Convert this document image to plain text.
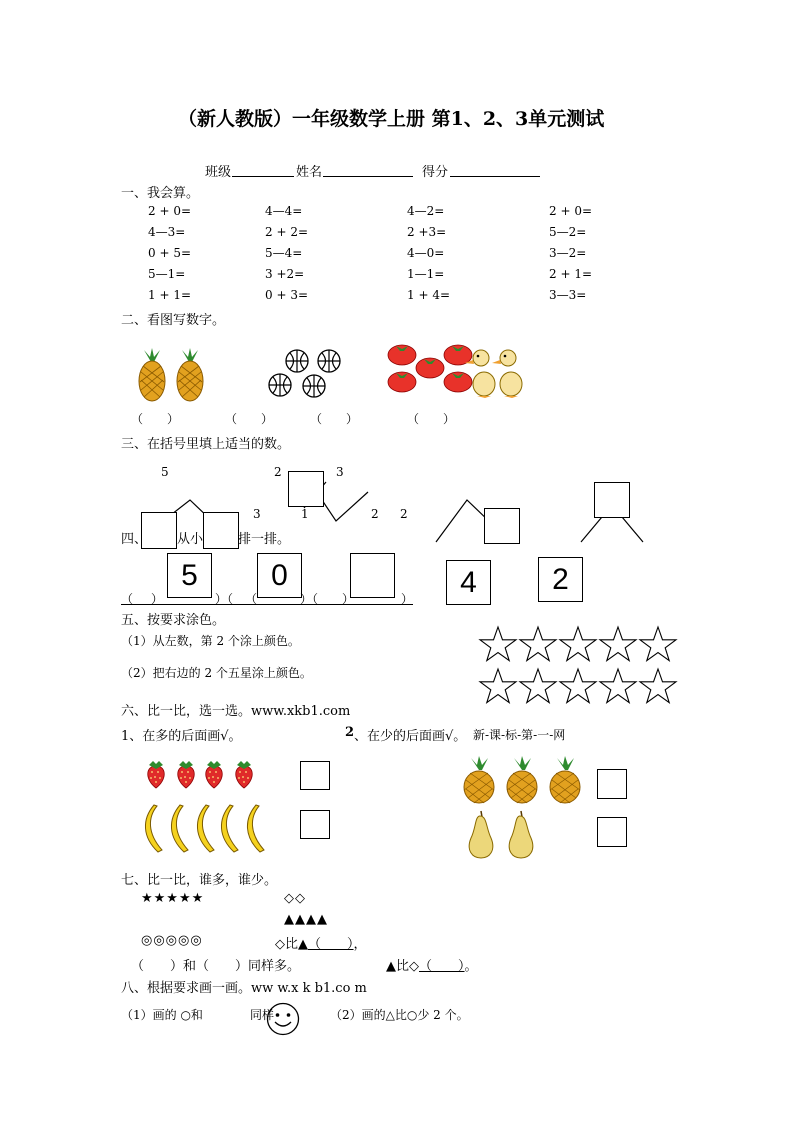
（新人教版）一年级数学上册 第1、2、3单元测试
班级	姓名	得分
一、我会算。
2 + 0=	4—4=	4—2=	2 + 0=
4—3=	2 + 2=	2 +3=	5—2=
0 + 5=	5—4=	4—0=	3—2=
5—1=	3 +2=	1—1=	2 + 1=
1 + 1=	0 + 3=	1 + 4=	3—3=
二、看图写数字。
（　　）	（　　）	（　　）	（　　）
三、在括号里填上适当的数。
5	2	3
3	1	2 2
四、 从小	排一排。
5	0	4	2
（ ）	）（ （	）（ ）	）
五、按要求涂色。
（1）从左数，第 2 个涂上颜色。
（2）把右边的 2 个五星涂上颜色。
六、比一比，选一选。www.xkb1.com
1、在多的后面画√。	2 、在少的后面画√。 新-课-标-第-一-网
七、比一比，谁多，谁少。
★★★★★	◇◇
▲▲▲▲
◎◎◎◎◎	◇比▲（　　），
（　　）和（　　）同样多。	▲比◇（　　）。
八、根据要求画一画。ww w.x k b1.co m
（1）画的 ○和	同样	（2）画的△比○少 2 个。
